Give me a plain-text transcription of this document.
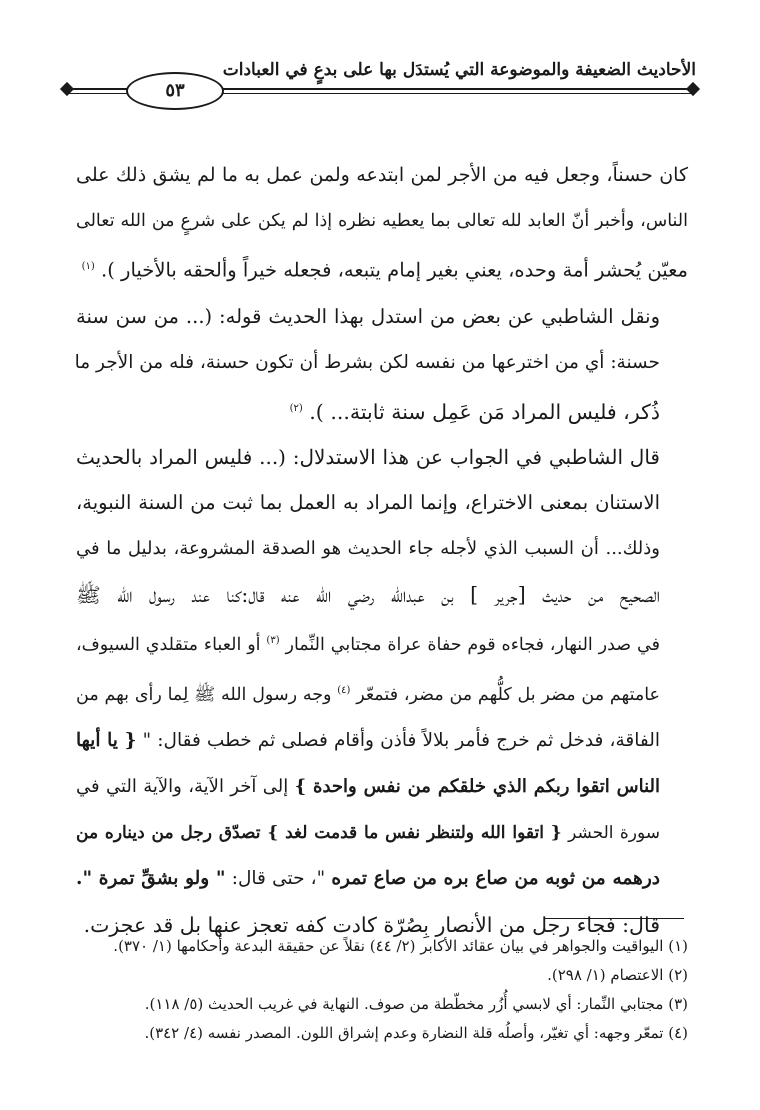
٥٣
الأحاديث الضعيفة والموضوعة التي يُستدَل بها على بدعٍ في العبادات

كان حسناً، وجعل فيه من الأجر لمن ابتدعه ولمن عمل به ما لم يشق ذلك على
الناس، وأخبر أنّ العابد لله تعالى بما يعطيه نظره إذا لم يكن على شرعٍ من الله تعالى
معيّن يُحشر أمة وحده، يعني بغير إمام يتبعه، فجعله خيراً وألحقه بالأخيار ). $^{(١)}$

ونقل الشاطبي عن بعض من استدل بهذا الحديث قوله: (... من سن سنة
حسنة: أي من اخترعها من نفسه لكن بشرط أن تكون حسنة، فله من الأجر ما
ذُكر، فليس المراد مَن عَمِل سنة ثابتة... ). $^{(٢)}$

قال الشاطبي في الجواب عن هذا الاستدلال: (... فليس المراد بالحديث
الاستنان بمعنى الاختراع، وإنما المراد به العمل بما ثبت من السنة النبوية،
وذلك... أن السبب الذي لأجله جاء الحديث هو الصدقة المشروعة، بدليل ما في
الصحيح من حديث [جرير ] بن عبدالله رضي الله عنه قال:كنا عند رسول الله ﷺ
في صدر النهار، فجاءه قوم حفاة عراة مجتابي النِّمار $^{(٣)}$ أو العباء متقلدي السيوف،
عامتهم من مضر بل كلُّهم من مضر، فتمعّر $^{(٤)}$ وجه رسول الله ﷺ لِما رأى بهم من
الفاقة، فدخل ثم خرج فأمر بلالاً فأذن وأقام فصلى ثم خطب فقال: " { يا أيها
الناس اتقوا ربكم الذي خلقكم من نفس واحدة } إلى آخر الآية، والآية التي في
سورة الحشر { اتقوا الله ولتنظر نفس ما قدمت لغد } تصدّق رجل من ديناره من
درهمه من ثوبه من صاع بره من صاع تمره "، حتى قال: " ولو بشقِّ تمرة ".

قال: فجاء رجل من الأنصار بِصُرّة كادت كفه تعجز عنها بل قد عجزت.

(١) اليواقيت والجواهر في بيان عقائد الأكابر (٢/ ٤٤) نقلاً عن حقيقة البدعة وأحكامها (١/ ٣٧٠).
(٢) الاعتصام (١/ ٢٩٨).
(٣) مجتابي النِّمار: أي لابسي أُزُر مخطّطة من صوف. النهاية في غريب الحديث (٥/ ١١٨).
(٤) تمعّر وجهه: أي تغيّر، وأصلُه قلة النضارة وعدم إشراق اللون. المصدر نفسه (٤/ ٣٤٢).
